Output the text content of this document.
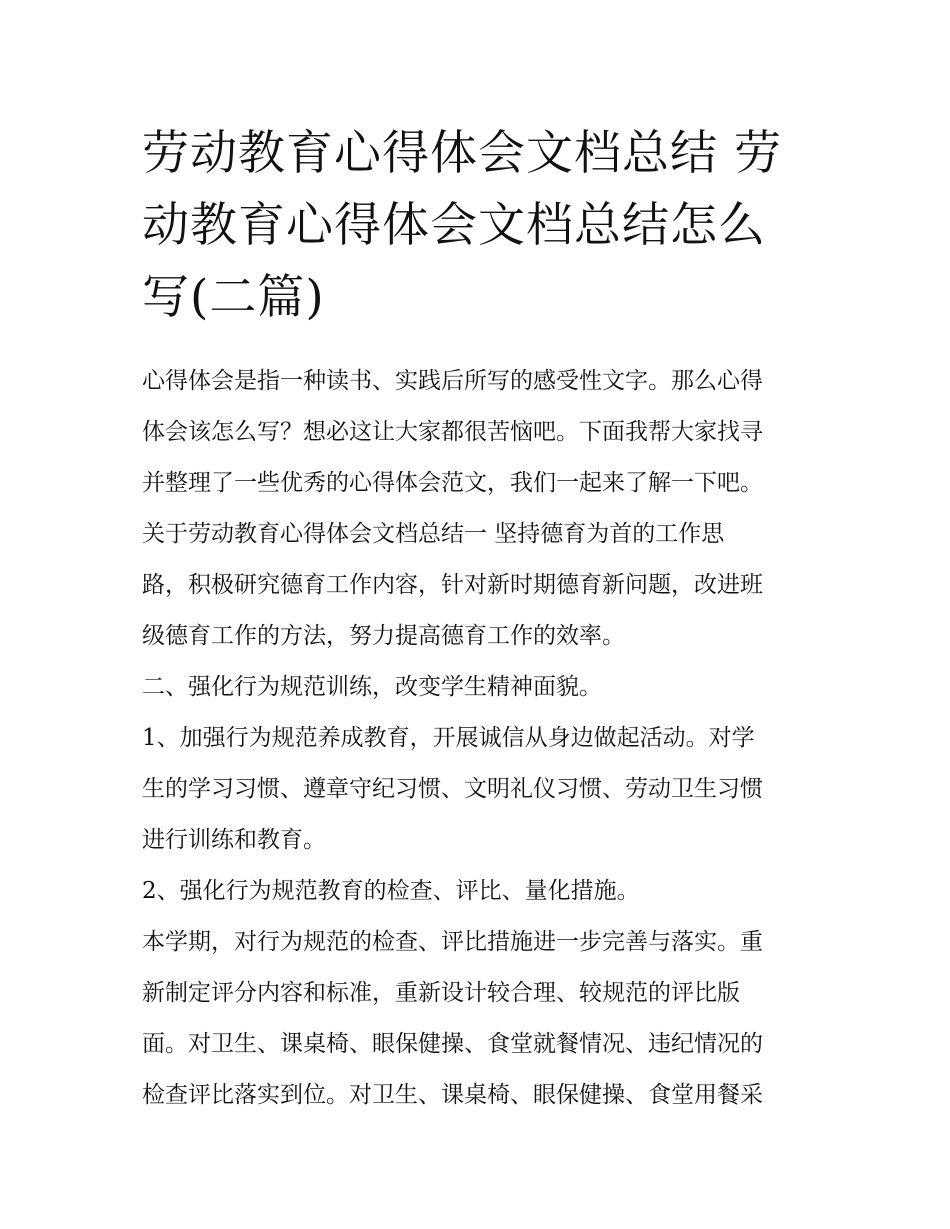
劳动教育心得体会文档总结 劳
动教育心得体会文档总结怎么
写(二篇)
心得体会是指一种读书、实践后所写的感受性文字。那么心得
体会该怎么写？想必这让大家都很苦恼吧。下面我帮大家找寻
并整理了一些优秀的心得体会范文，我们一起来了解一下吧。
关于劳动教育心得体会文档总结一 坚持德育为首的工作思
路，积极研究德育工作内容，针对新时期德育新问题，改进班
级德育工作的方法，努力提高德育工作的效率。
二、强化行为规范训练，改变学生精神面貌。
1、加强行为规范养成教育，开展诚信从身边做起活动。对学
生的学习习惯、遵章守纪习惯、文明礼仪习惯、劳动卫生习惯
进行训练和教育。
2、强化行为规范教育的检查、评比、量化措施。
本学期，对行为规范的检查、评比措施进一步完善与落实。重
新制定评分内容和标准，重新设计较合理、较规范的评比版
面。对卫生、课桌椅、眼保健操、食堂就餐情况、违纪情况的
检查评比落实到位。对卫生、课桌椅、眼保健操、食堂用餐采
